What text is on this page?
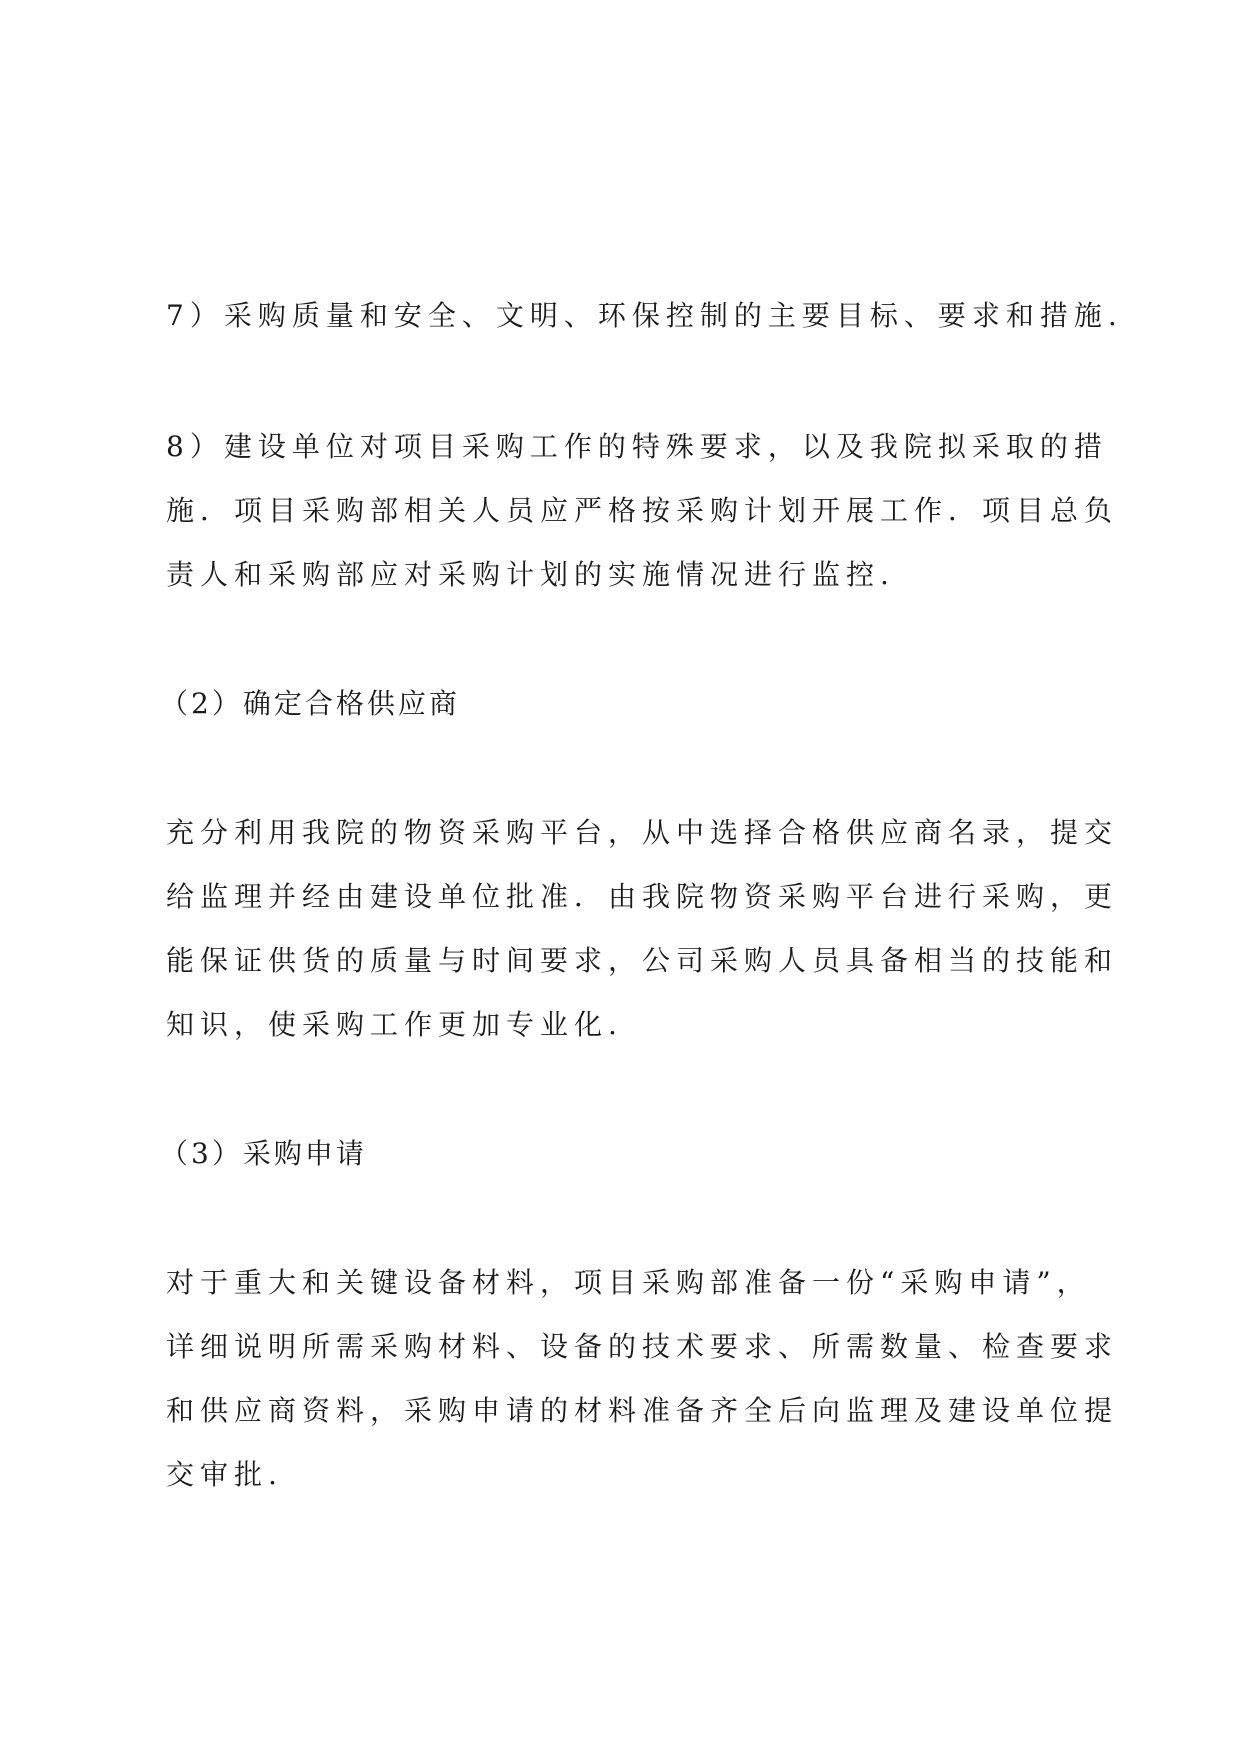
7）采购质量和安全、文明、环保控制的主要目标、要求和措施.
8）建设单位对项目采购工作的特殊要求，以及我院拟采取的措
施．项目采购部相关人员应严格按采购计划开展工作．项目总负
责人和采购部应对采购计划的实施情况进行监控.
（2）确定合格供应商
充分利用我院的物资采购平台，从中选择合格供应商名录，提交
给监理并经由建设单位批准．由我院物资采购平台进行采购，更
能保证供货的质量与时间要求，公司采购人员具备相当的技能和
知识，使采购工作更加专业化.
（3）采购申请
对于重大和关键设备材料，项目采购部准备一份“采购申请”，
详细说明所需采购材料、设备的技术要求、所需数量、检查要求
和供应商资料，采购申请的材料准备齐全后向监理及建设单位提
交审批.
